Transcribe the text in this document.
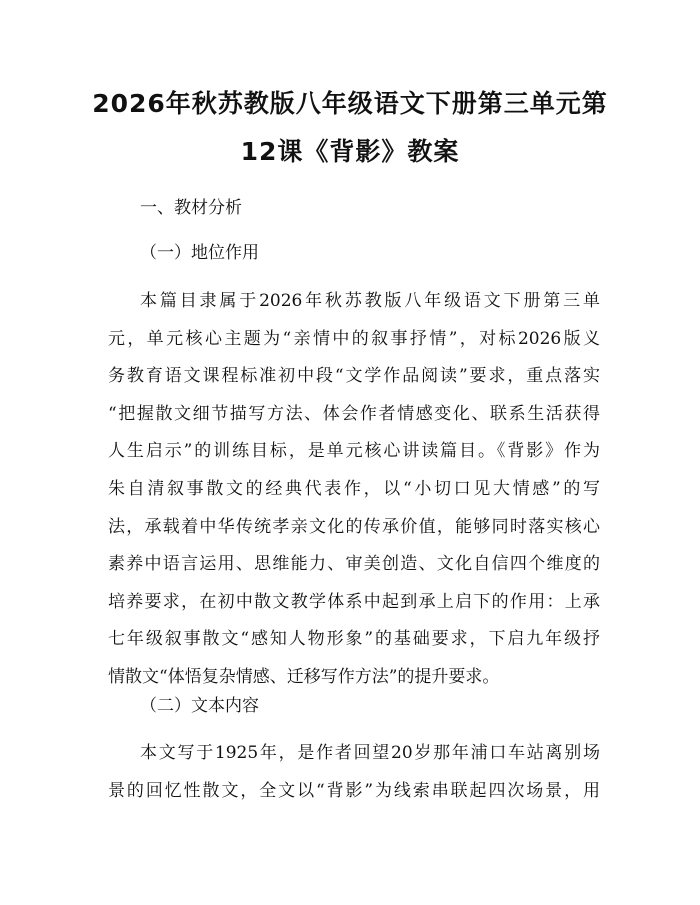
2026年秋苏教版八年级语文下册第三单元第
12课《背影》教案

一、教材分析

（一）地位作用

本篇目隶属于2026年秋苏教版八年级语文下册第三单
元，单元核心主题为“亲情中的叙事抒情”，对标2026版义
务教育语文课程标准初中段“文学作品阅读”要求，重点落实
“把握散文细节描写方法、体会作者情感变化、联系生活获得
人生启示”的训练目标，是单元核心讲读篇目。《背影》作为
朱自清叙事散文的经典代表作，以“小切口见大情感”的写
法，承载着中华传统孝亲文化的传承价值，能够同时落实核心
素养中语言运用、思维能力、审美创造、文化自信四个维度的
培养要求，在初中散文教学体系中起到承上启下的作用：上承
七年级叙事散文“感知人物形象”的基础要求，下启九年级抒
情散文“体悟复杂情感、迁移写作方法”的提升要求。

（二）文本内容

本文写于1925年，是作者回望20岁那年浦口车站离别场
景的回忆性散文，全文以“背影”为线索串联起四次场景，用
